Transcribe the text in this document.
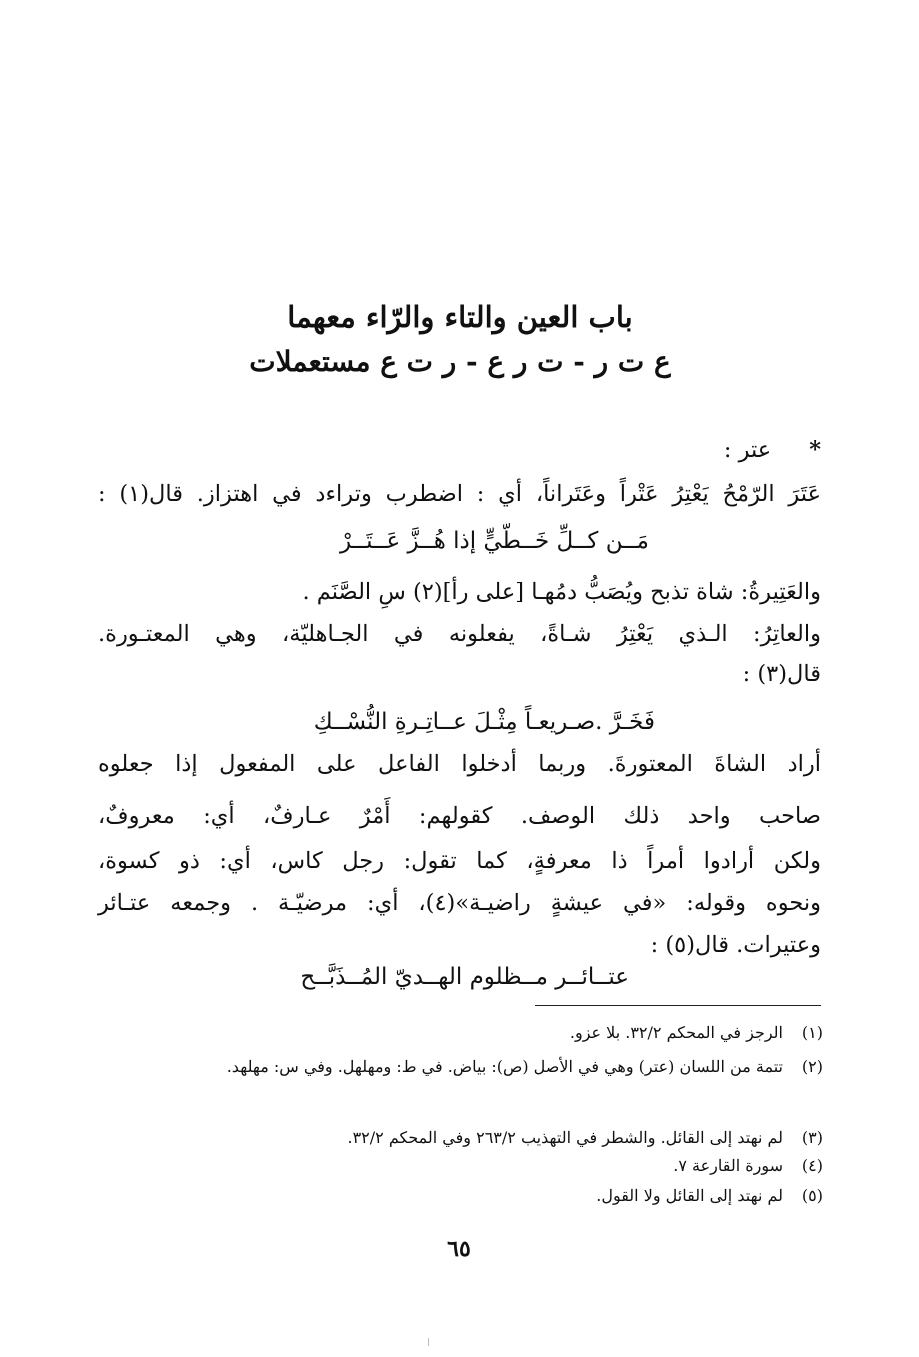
باب العين والتاء والرّاء معهما
ع ت ر - ت ر ع - ر ت ع مستعملات
*عتر :
عَتَرَ الرّمْحُ يَعْتِرُ عَتْراً وعَتَراناً، أي : اضطرب وتراءد في اهتزاز. قال(١) :
مَــن كــلِّ خَــطّيٍّ إذا هُــزَّ عَــتَــرْ
والعَتِيرةُ: شاة تذبح ويُصَبُّ دمُهـا [على رأ](٢) سِ الصَّنَم .
والعاتِرُ: الـذي يَعْتِرُ شـاةً، يفعلونه في الجـاهليّة، وهي المعتـورة.
قال(٣) :
فَخَـرَّ .صـريعـاً مِثْـلَ عــاتِـرةِ النُّسْــكِ
أراد الشاةَ المعتورةَ. وربما أدخلوا الفاعل على المفعول إذا جعلوه
صاحب واحد ذلك الوصف. كقولهم: أَمْرٌ عـارفٌ، أي: معروفٌ،
ولكن أرادوا أمراً ذا معرفةٍ، كما تقول: رجل كاس، أي: ذو كسوة،
ونحوه وقوله: «في عيشةٍ راضيـة»(٤)، أي: مرضيّـة . وجمعه عتـائر
وعتيرات. قال(٥) :
عتــائــر مــظلوم الهــديّ المُــذَبَّــح
(١)الرجز في المحكم ٣٢/٢. بلا عزو.
(٢)تتمة من اللسان (عتر) وهي في الأصل (ص): بياض. في ط: ومهلهل. وفي س: مهلهد.
(٣)لم نهتد إلى القائل. والشطر في التهذيب ٢٦٣/٢ وفي المحكم ٣٢/٢.
(٤)سورة القارعة ٧.
(٥)لم نهتد إلى القائل ولا القول.
٦٥
